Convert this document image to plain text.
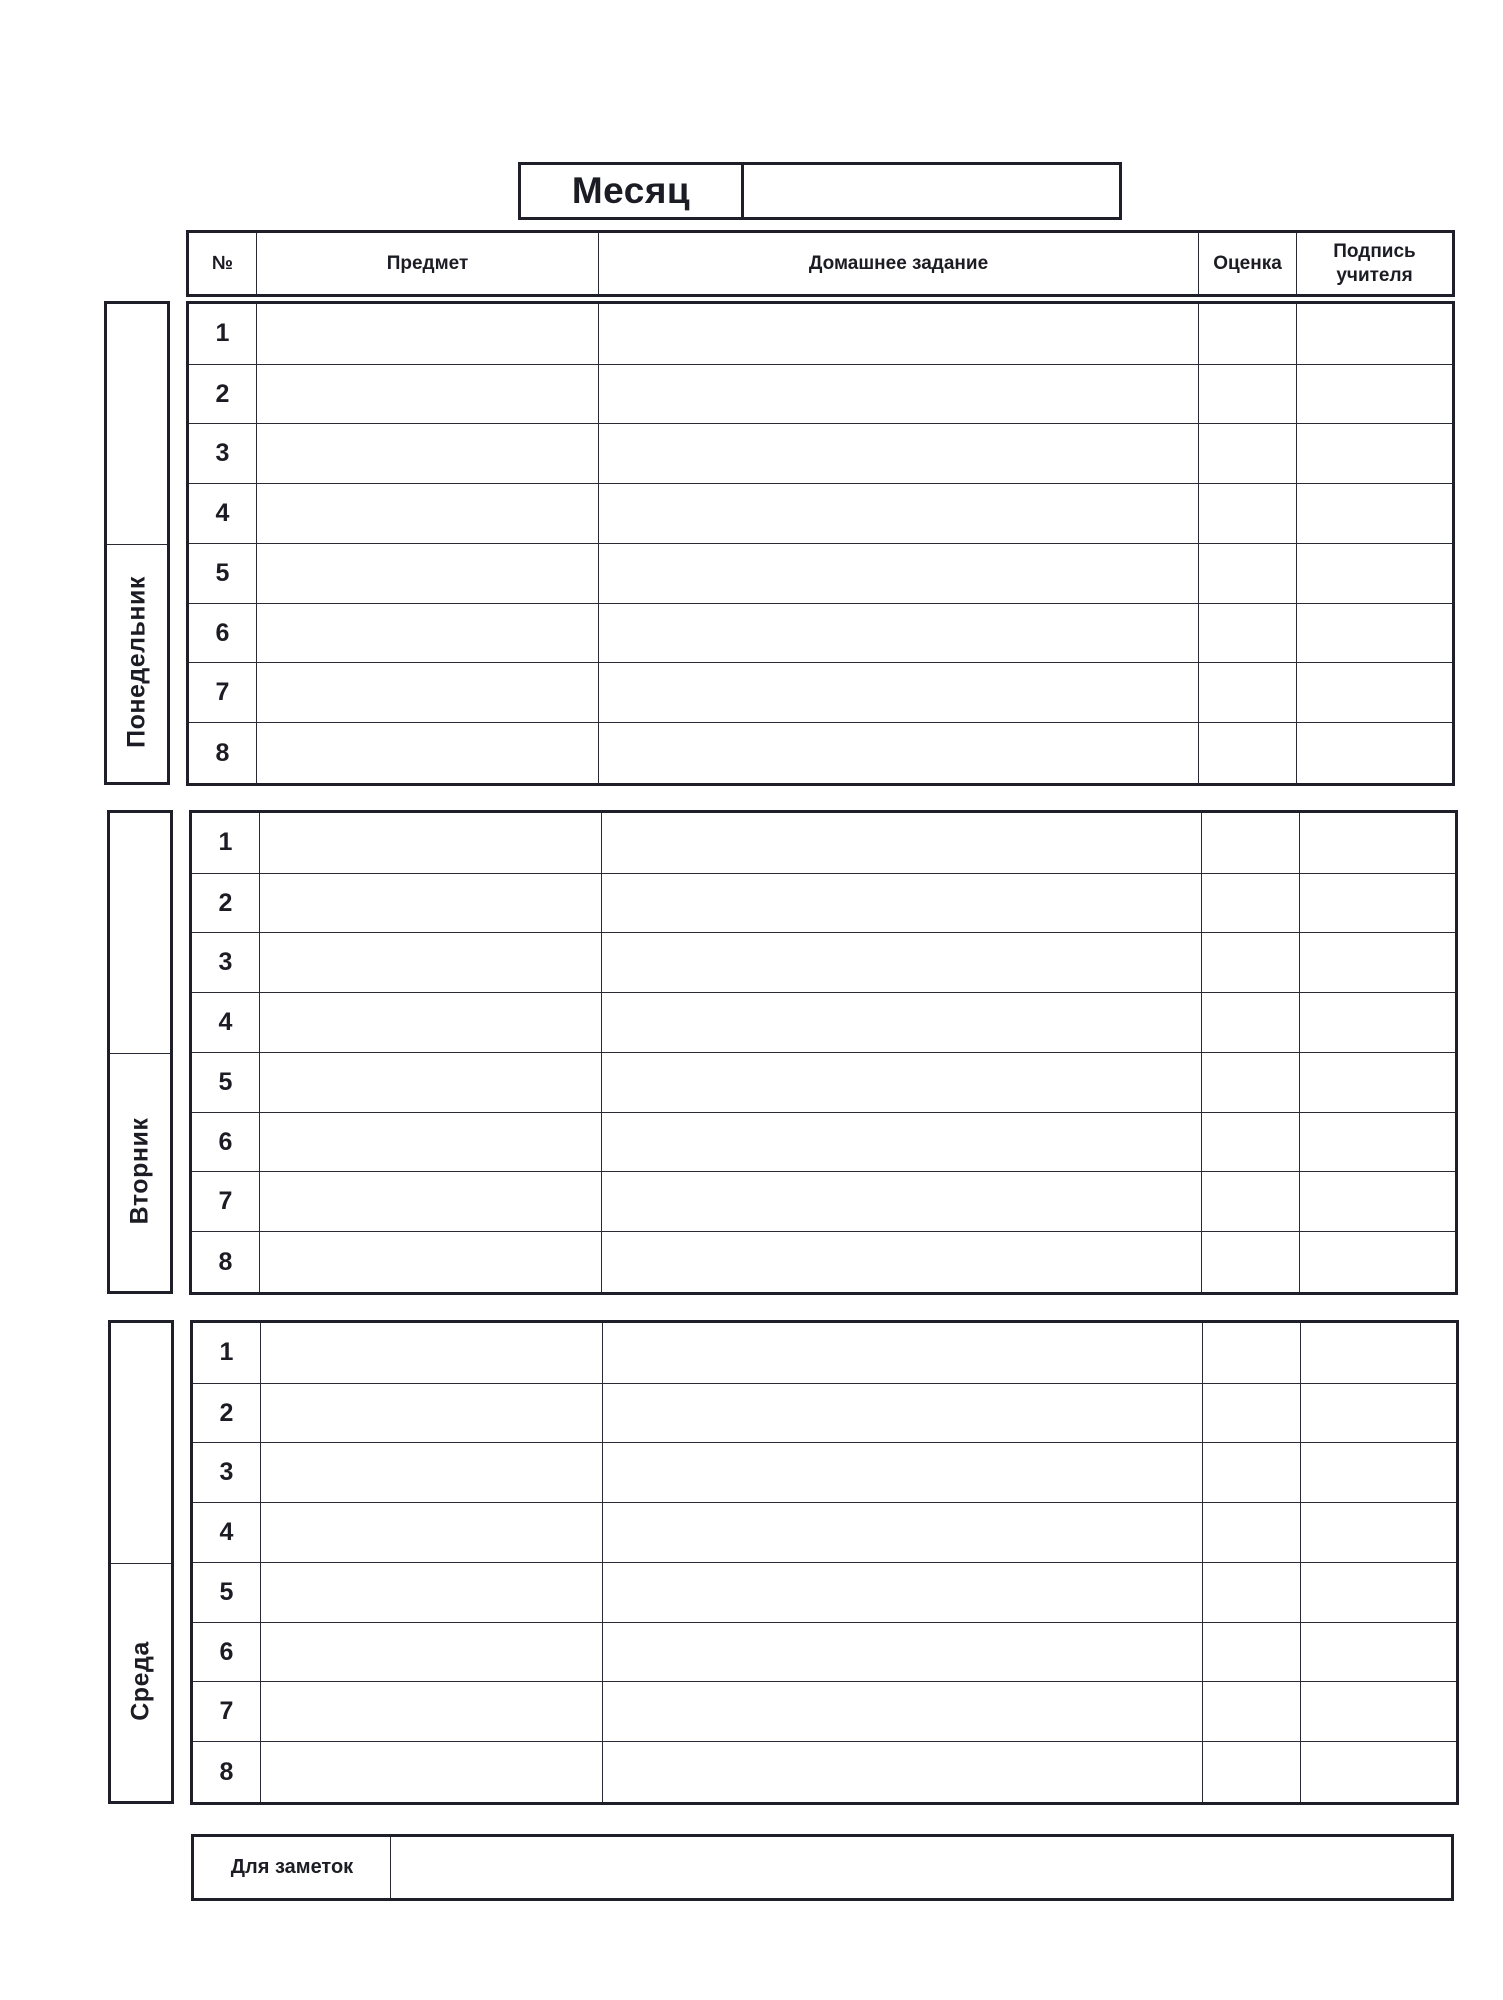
Месяц
№	Предмет	Домашнее задание	Оценка	Подпись
учителя
Понедельник
Вторник
Среда
1				
2				
3				
4				
5				
6				
7				
8				
1				
2				
3				
4				
5				
6				
7				
8				
1				
2				
3				
4				
5				
6				
7				
8				
Для заметок
